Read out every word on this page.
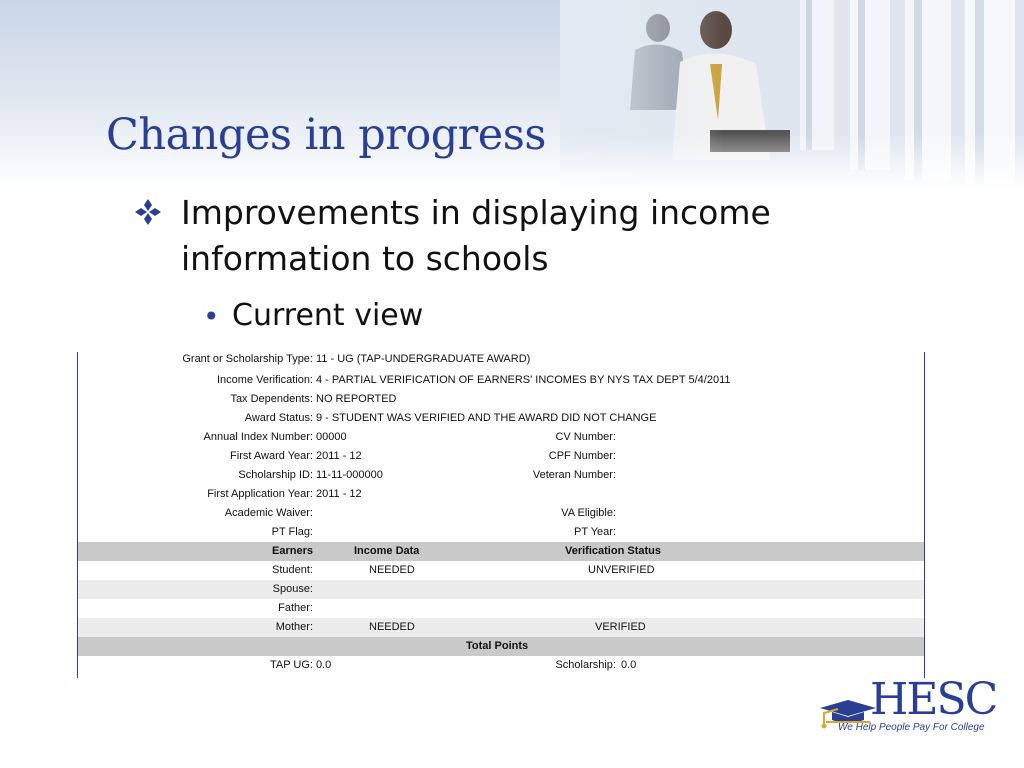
Changes in progress
Improvements in displaying income information to schools
• Current view
Grant or Scholarship Type: 11 - UG (TAP-UNDERGRADUATE AWARD)
Income Verification: 4 - PARTIAL VERIFICATION OF EARNERS' INCOMES BY NYS TAX DEPT 5/4/2011
Tax Dependents: NO REPORTED
Award Status: 9 - STUDENT WAS VERIFIED AND THE AWARD DID NOT CHANGE
Annual Index Number: 00000	CV Number:
First Award Year: 2011 - 12	CPF Number:
Scholarship ID: 11-11-000000	Veteran Number:
First Application Year: 2011 - 12
Academic Waiver:	VA Eligible:
PT Flag:	PT Year:
Earners	Income Data	Verification Status
Student:	NEEDED	UNVERIFIED
Spouse:
Father:
Mother:	NEEDED	VERIFIED
Total Points
TAP UG: 0.0	Scholarship: 0.0
HESC
We Help People Pay For College
